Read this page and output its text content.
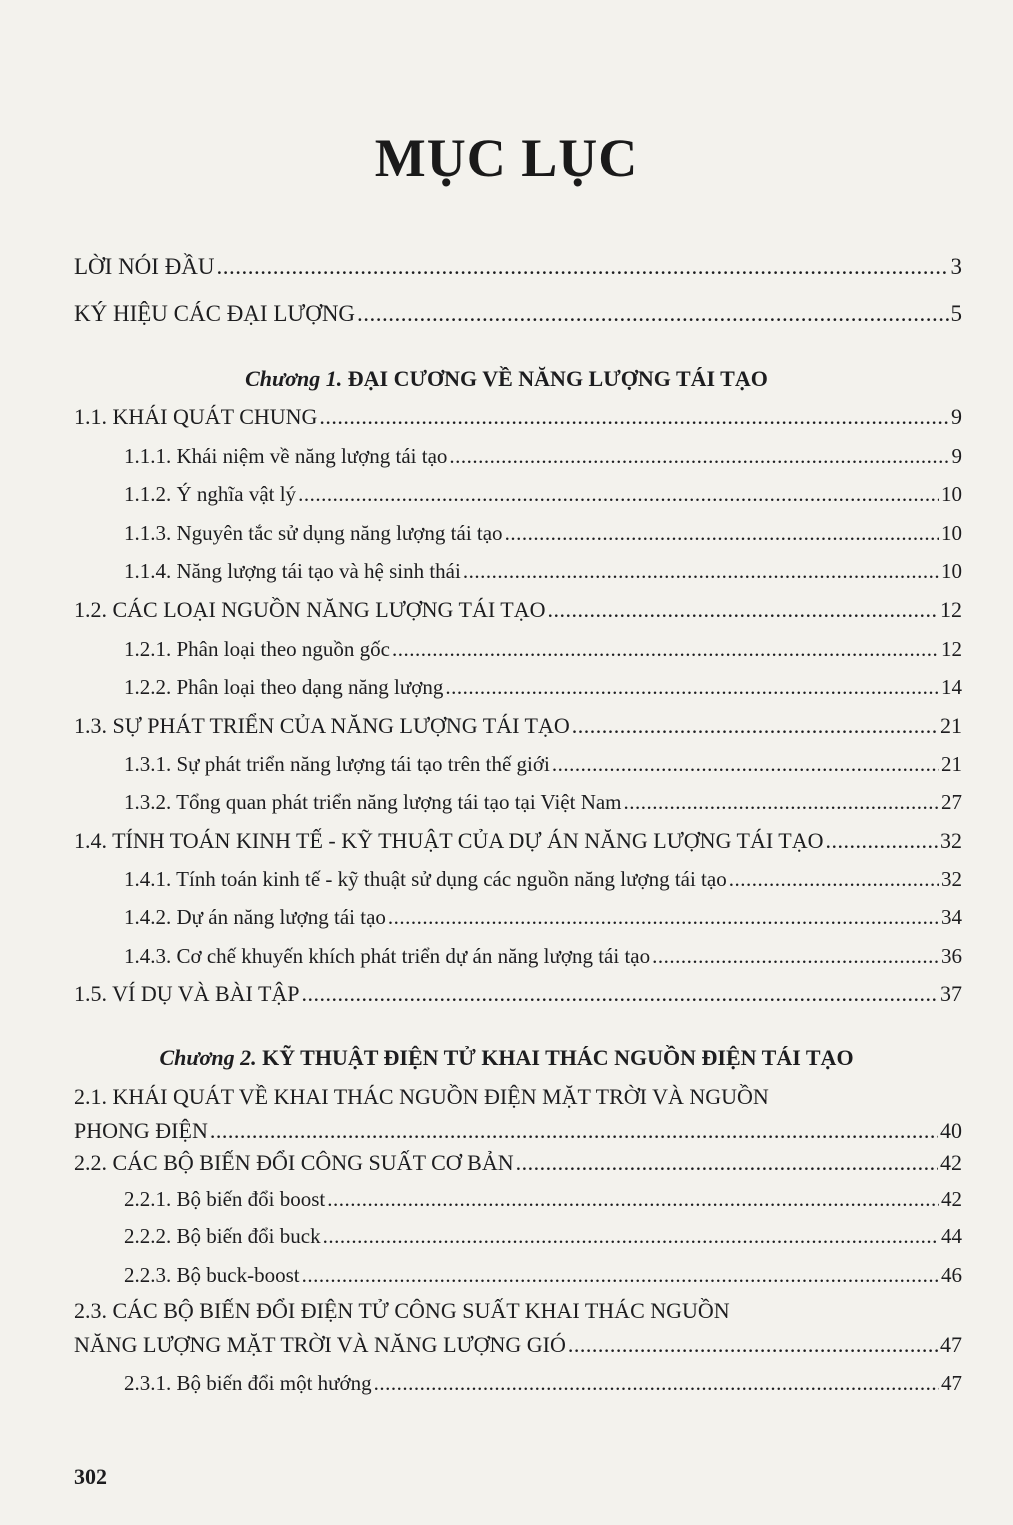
MỤC LỤC
LỜI NÓI ĐẦU .....	3
KÝ HIỆU CÁC ĐẠI LƯỢNG .....	5
Chương 1. ĐẠI CƯƠNG VỀ NĂNG LƯỢNG TÁI TẠO
1.1. KHÁI QUÁT CHUNG .....	9
1.1.1. Khái niệm về năng lượng tái tạo .....	9
1.1.2. Ý nghĩa vật lý .....	10
1.1.3. Nguyên tắc sử dụng năng lượng tái tạo .....	10
1.1.4. Năng lượng tái tạo và hệ sinh thái .....	10
1.2. CÁC LOẠI NGUỒN NĂNG LƯỢNG TÁI TẠO .....	12
1.2.1. Phân loại theo nguồn gốc .....	12
1.2.2. Phân loại theo dạng năng lượng .....	14
1.3. SỰ PHÁT TRIỂN CỦA NĂNG LƯỢNG TÁI TẠO .....	21
1.3.1. Sự phát triển năng lượng tái tạo trên thế giới .....	21
1.3.2. Tổng quan phát triển năng lượng tái tạo tại Việt Nam .....	27
1.4. TÍNH TOÁN KINH TẾ - KỸ THUẬT CỦA DỰ ÁN NĂNG LƯỢNG TÁI TẠO .....	32
1.4.1. Tính toán kinh tế - kỹ thuật sử dụng các nguồn năng lượng tái tạo .....	32
1.4.2. Dự án năng lượng tái tạo .....	34
1.4.3. Cơ chế khuyến khích phát triển dự án năng lượng tái tạo .....	36
1.5. VÍ DỤ VÀ BÀI TẬP .....	37
Chương 2. KỸ THUẬT ĐIỆN TỬ KHAI THÁC NGUỒN ĐIỆN TÁI TẠO
2.1. KHÁI QUÁT VỀ KHAI THÁC NGUỒN ĐIỆN MẶT TRỜI VÀ NGUỒN
PHONG ĐIỆN .....	40
2.2. CÁC BỘ BIẾN ĐỔI CÔNG SUẤT CƠ BẢN .....	42
2.2.1. Bộ biến đổi boost .....	42
2.2.2. Bộ biến đổi buck .....	44
2.2.3. Bộ buck-boost .....	46
2.3. CÁC BỘ BIẾN ĐỔI ĐIỆN TỬ CÔNG SUẤT KHAI THÁC NGUỒN
NĂNG LƯỢNG MẶT TRỜI VÀ NĂNG LƯỢNG GIÓ .....	47
2.3.1. Bộ biến đổi một hướng .....	47
302
